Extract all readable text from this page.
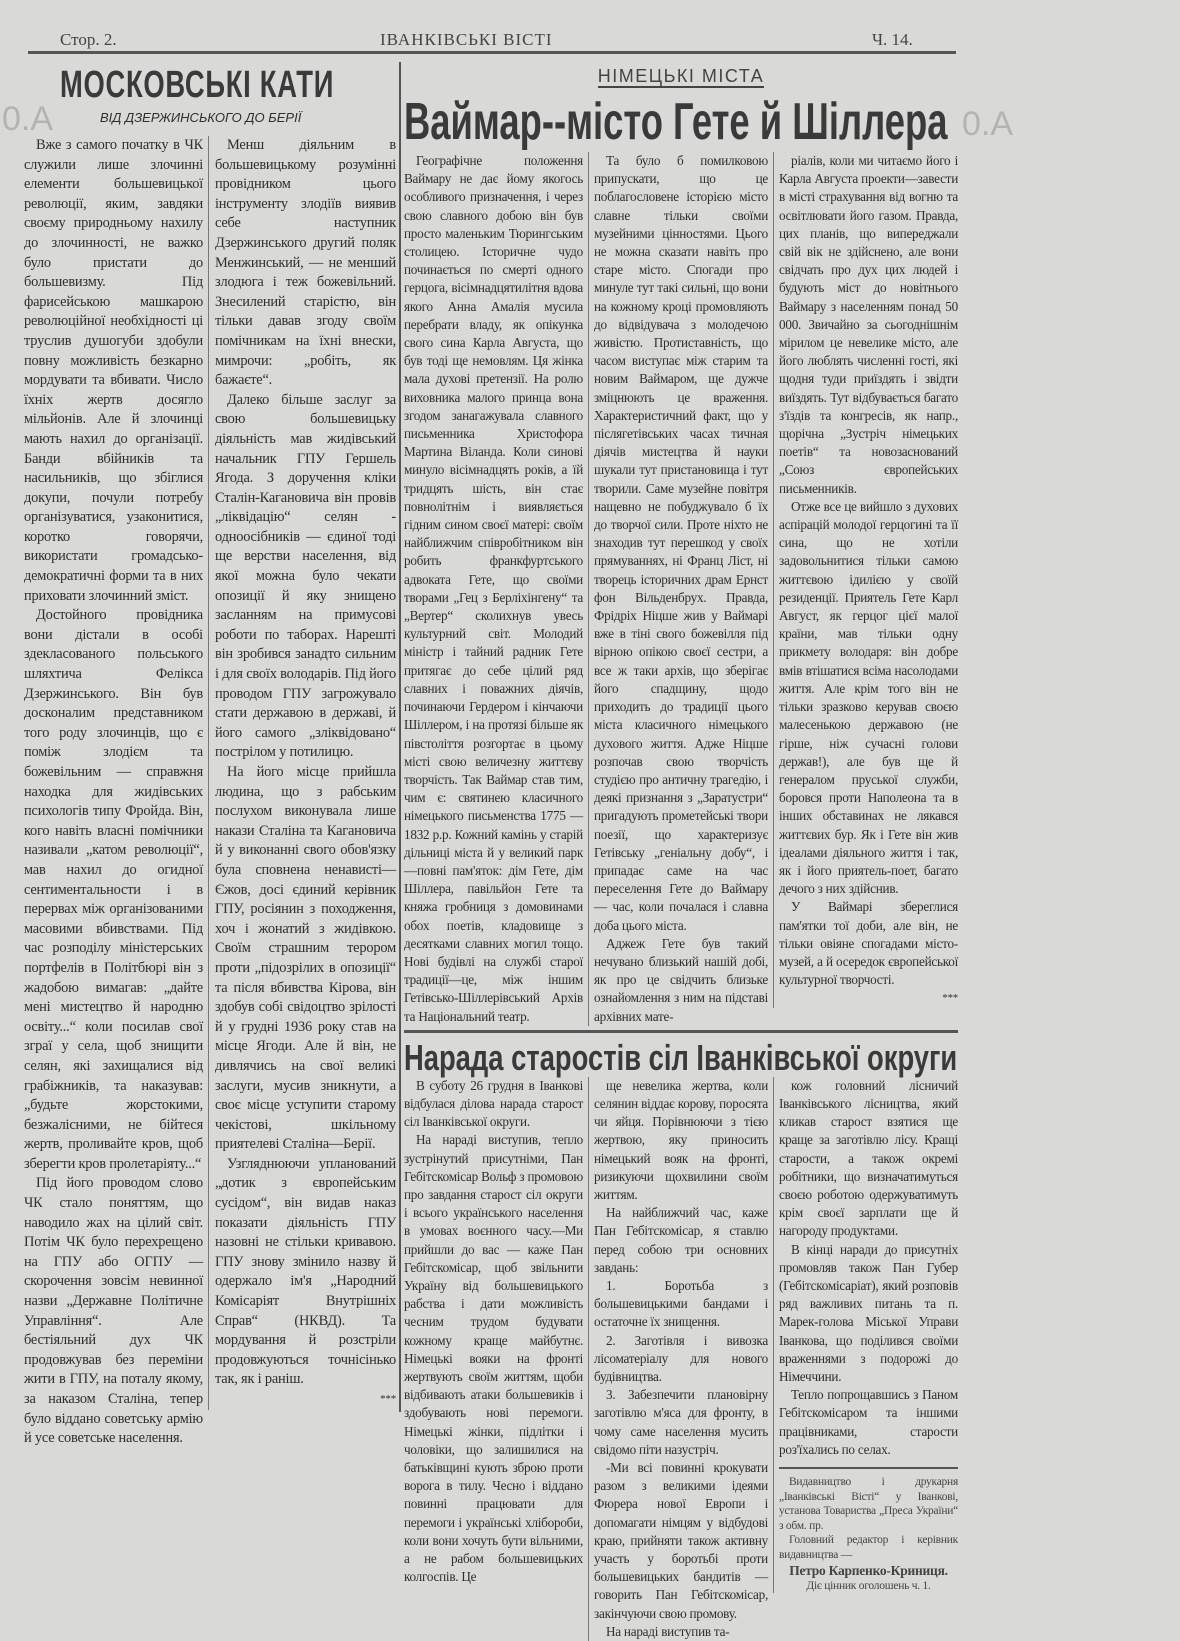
Стор. 2.	ІВАНКІВСЬКІ ВІСТІ	Ч. 14.
0.А	0.А
МОСКОВСЬКІ КАТИ
ВІД ДЗЕРЖИНСЬКОГО ДО БЕРІЇ

Вже з самого початку в ЧК служили лише злочинні елементи большевицької революції, яким, завдяки своєму природньому нахилу до злочинності, не важко було пристати до большевизму. Під фарисейською машкарою революційної необхідності ці труслив душогуби здобули повну можливість безкарно мордувати та вбивати. Число їхніх жертв досягло мільйонів. Але й злочинці мають нахил до організації. Банди вбійників та насильників, що збіглися докупи, почули потребу організуватися, узаконитися, коротко говорячи, використати громадсько-демократичні форми та в них приховати злочинний зміст.

Достойного провідника вони дістали в особі здекласованого польського шляхтича Фелікса Дзержинського. Він був досконалим представником того роду злочинців, що є поміж злодієм та божевільним — справжня находка для жидівських психологів типу Фройда. Він, кого навіть власні помічники називали „катом революції“, мав нахил до огидної сентиментальности і в перервах між організованими масовими вбивствами. Під час розподілу міністерських портфелів в Політбюрі він з жадобою вимагав: „дайте мені мистецтво й народню освіту...“ коли посилав свої зграї у села, щоб знищити селян, які захищалися від грабіжників, та наказував: „будьте жорстокими, безжалісними, не бійтеся жертв, проливайте кров, щоб зберегти кров пролетаріяту...“

Під його проводом слово ЧК стало поняттям, що наводило жах на цілий світ. Потім ЧК було перехрещено на ГПУ або ОГПУ —скорочення зовсім невинної назви „Державне Політичне Управління“. Але бестіяльний дух ЧК продовжував без переміни жити в ГПУ, на поталу якому, за наказом Сталіна, тепер було віддано советську армію й усе советське населення.

Менш діяльним в большевицькому розумінні провідником цього інструменту злодіїв виявив себе наступник Дзержинського другий поляк Менжинський, — не менший злодюга і теж божевільний. Знесилений старістю, він тільки давав згоду своїм помічникам на їхні внески, мимрочи: „робіть, як бажаєте“.

Далеко більше заслуг за свою большевицьку діяльність мав жидівський начальник ГПУ Гершель Ягода. З доручення кліки Сталін-Кагановича він провів „ліквідацію“ селян - одноосібників — єдиної тоді ще верстви населення, від якої можна було чекати опозиції й яку знищено засланням на примусові роботи по таборах. Нарешті він зробився занадто сильним і для своїх володарів. Під його проводом ГПУ загрожувало стати державою в державі, й його самого „зліквідовано“ пострілом у потилицю.

На його місце прийшла людина, що з рабським послухом виконувала лише накази Сталіна та Кагановича й у виконанні свого обов'язку була сповнена ненависті—Єжов, досі єдиний керівник ГПУ, росіянин з походження, хоч і жонатий з жидівкою. Своїм страшним терором проти „підозрілих в опозиції“ та після вбивства Кірова, він здобув собі свідоцтво зрілості й у грудні 1936 року став на місце Ягоди. Але й він, не дивлячись на свої великі заслуги, мусив зникнути, а своє місце уступити старому чекістові, шкільному приятелеві Сталіна—Берії.

Узгляднюючи упланований „дотик з європейським сусідом“, він видав наказ показати діяльність ГПУ назовні не стільки кривавою. ГПУ знову змінило назву й одержало ім'я „Народний Комісаріят Внутрішніх Справ“ (НКВД). Та мордування й розстріли продовжуються точнісінько так, як і раніш.

***
НІМЕЦЬКІ МІСТА
Ваймар--місто Гете й Шіллера

Географічне положення Ваймару не дає йому якогось особливого призначення, і через свою славного добою він був просто маленьким Тюрингським столицею. Історичне чудо починається по смерті одного герцога, вісімнадцятилітня вдова якого Анна Амалія мусила перебрати владу, як опікунка свого сина Карла Августа, що був тоді ще немовлям. Ця жінка мала духові претензії. На ролю виховника малого принца вона згодом занагажувала славного письменника Христофора Мартина Віланда. Коли синові минуло вісімнадцять років, а їй тридцять шість, він стає повнолітнім і виявляється гідним сином своєї матері: своїм найближчим співробітником він робить франкфуртського адвоката Гете, що своїми творами „Гец з Берліхінгену“ та „Вертер“ сколихнув увесь культурний світ. Молодий міністр і тайний радник Гете притягає до себе цілий ряд славних і поважних діячів, починаючи Гердером і кінчаючи Шіллером, і на протязі більше як півстоліття розгортає в цьому місті свою величезну життєву творчість. Так Ваймар став тим, чим є: святинею класичного німецького письменства 1775 —1832 р.р. Кожний камінь у старій дільниці міста й у великий парк—повні пам'яток: дім Гете, дім Шіллера, павільйон Гете та княжа гробниця з домовинами обох поетів, кладовище з десятками славних могил тощо. Нові будівлі на службі старої традиції—це, між іншим Гетівсько-Шіллерівський Архів та Національний театр.

Та було б помилковою припускати, що це поблагословене історією місто славне тільки своїми музейними цінностями. Цього не можна сказати навіть про старе місто. Спогади про минуле тут такі сильні, що вони на кожному кроці промовляють до відвідувача з молодечою живістю. Протиставність, що часом виступає між старим та новим Ваймаром, ще дужче зміцнюють це враження. Характеристичний факт, що у післягетівських часах тичная діячів мистецтва й науки шукали тут пристановища і тут творили. Саме музейне повітря нащевно не побуджувало б їх до творчої сили. Проте ніхто не знаходив тут перешкод у своїх прямуваннях, ні Франц Ліст, ні творець історичних драм Ернст фон Вільденбрух. Правда, Фрідріх Ніцше жив у Ваймарі вже в тіні свого божевілля під вірною опікою своєї сестри, а все ж таки архів, що зберігає його спадщину, щодо приходить до традиції цього міста класичного німецького духового життя. Адже Ніцше розпочав свою творчість студією про античну трагедію, і деякі признання з „Заратустри“ пригадують прометейські твори поезії, що характеризує Гетівську „геніальну добу“, і припадає саме на час переселення Гете до Ваймару — час, коли почалася і славна доба цього міста.

Аджеж Гете був такий нечувано близький нашій добі, як про це свідчить близьке ознайомлення з ним на підставі архівних мате-

ріалів, коли ми читаємо його і Карла Августа проекти—завести в місті страхування від вогню та освітлювати його газом. Правда, цих планів, що випереджали свій вік не здійснено, але вони свідчать про дух цих людей і будують міст до новітнього Ваймару з населенням понад 50 000. Звичайно за сьогоднішнім мірилом це невелике місто, але його люблять численні гості, які щодня туди приїздять і звідти виїздять. Тут відбувається багато з'їздів та конгресів, як напр., щорічна „Зустріч німецьких поетів“ та новозаснований „Союз європейських письменників.

Отже все це вийшло з духових аспірацій молодої герцогині та її сина, що не хотіли задовольнитися тільки самою життєвою ідилією у своїй резиденції. Приятель Гете Карл Август, як герцог цієї малої країни, мав тільки одну прикмету володаря: він добре вмів втішатися всіма насолодами життя. Але крім того він не тільки зразково керував своєю малесенькою державою (не гірше, ніж сучасні голови держав!), але був ще й генералом пруської служби, боровся проти Наполеона та в інших обставинах не лякався життєвих бур. Як і Гете він жив ідеалами діяльного життя і так, як і його приятель-поет, багато дечого з них здійснив.

У Ваймарі збереглися пам'ятки тої доби, але він, не тільки овіяне спогадами місто-музей, а й осередок європейської культурної творчості.

***
Нарада старостів сіл Іванківської округи

В суботу 26 грудня в Іванкові відбулася ділова нарада старост сіл Іванківської округи.

На нараді виступив, тепло зустрінутий присутніми, Пан Гебітскомісар Вольф з промовою про завдання старост сіл округи і всього українського населення в умовах воєнного часу.—Ми прийшли до вас — каже Пан Гебітскомісар, щоб звільнити Україну від большевицького рабства і дати можливість чесним трудом будувати кожному краще майбутнє. Німецькі вояки на фронті жертвують своїм життям, щоби відбивають атаки большевиків і здобувають нові перемоги. Німецькі жінки, підлітки і чоловіки, що залишилися на батьківщині кують зброю проти ворога в тилу. Чесно і віддано повинні працювати для перемоги і українські хлібороби, коли вони хочуть бути вільними, а не рабом большевицьких колгоспів. Це

ще невелика жертва, коли селянин віддає корову, поросята чи яйця. Порівнюючи з тією жертвою, яку приносить німецький вояк на фронті, ризикуючи щохвилини своїм життям.

На найближчий час, каже Пан Гебітскомісар, я ставлю перед собою три основних завдань:

1. Боротьба з большевицькими бандами і остаточне їх знищення.

2. Заготівля і вивозка лісоматеріалу для нового будівництва.

3. Забезпечити плановірну заготівлю м'яса для фронту, в чому саме населення мусить свідомо піти назустріч.

-Ми всі повинні крокувати разом з великими ідеями Фюрера нової Европи і допомагати німцям у відбудові краю, прийняти також активну участь у боротьбі проти большевицьких бандитів — говорить Пан Гебітскомісар, закінчуючи свою промову.

На нараді виступив та-

кож головний лісничий Іванківського лісництва, який кликав старост взятися ще краще за заготівлю лісу. Кращі старости, а також окремі робітники, що визначатимуться своєю роботою одержуватимуть крім своєї зарплати ще й нагороду продуктами.

В кінці наради до присутніх промовляв також Пан Губер (Гебітскомісаріат), який розповів ряд важливих питань та п. Марек-голова Міської Управи Іванкова, що поділився своїми враженнями з подорожі до Німеччини.

Тепло попрощавшись з Паном Гебітскомісаром та іншими працівниками, старости роз'їхались по селах.

Видавництво і друкарня „Іванківські Вісті“ у Іванкові, установа Товариства „Преса України“ з обм. пр.

Головний редактор і керівник видавництва —

Петро Карпенко-Криниця.
Діє цінник оголошень ч. 1.
